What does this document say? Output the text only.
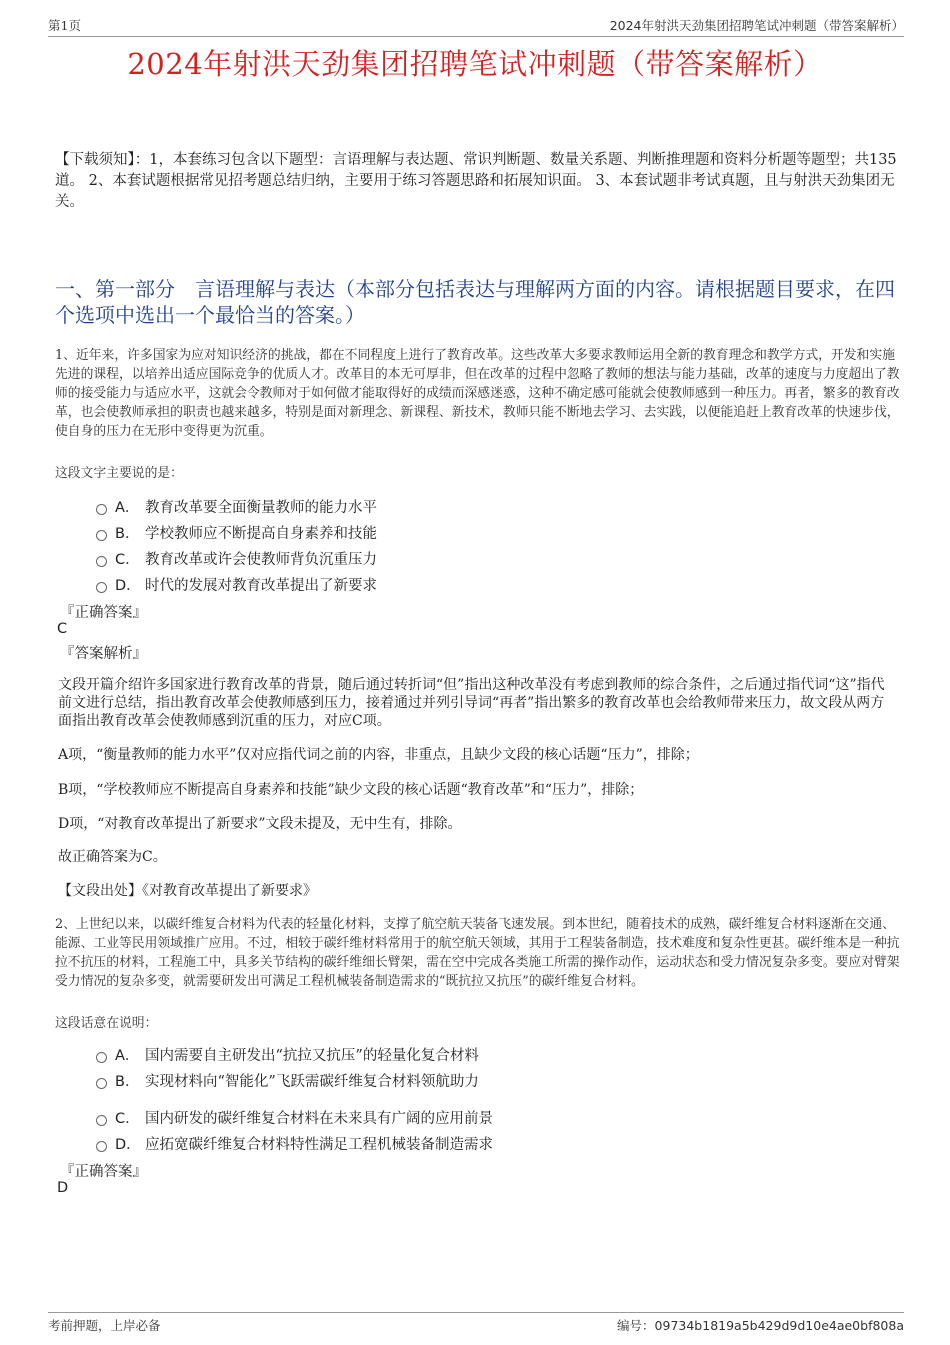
第1页	2024年射洪天劲集团招聘笔试冲刺题（带答案解析）
2024年射洪天劲集团招聘笔试冲刺题（带答案解析）
【下载须知】：1，本套练习包含以下题型：言语理解与表达题、常识判断题、数量关系题、判断推理题和资料分析题等题型；共135道。 2、本套试题根据常见招考题总结归纳，主要用于练习答题思路和拓展知识面。 3、本套试题非考试真题，且与射洪天劲集团无关。
一、第一部分　言语理解与表达（本部分包括表达与理解两方面的内容。请根据题目要求，在四个选项中选出一个最恰当的答案。）
1、近年来，许多国家为应对知识经济的挑战，都在不同程度上进行了教育改革。这些改革大多要求教师运用全新的教育理念和教学方式，开发和实施先进的课程，以培养出适应国际竞争的优质人才。改革目的本无可厚非，但在改革的过程中忽略了教师的想法与能力基础，改革的速度与力度超出了教师的接受能力与适应水平，这就会令教师对于如何做才能取得好的成绩而深感迷惑，这种不确定感可能就会使教师感到一种压力。再者，繁多的教育改革，也会使教师承担的职责也越来越多，特别是面对新理念、新课程、新技术，教师只能不断地去学习、去实践，以便能追赶上教育改革的快速步伐，使自身的压力在无形中变得更为沉重。
这段文字主要说的是：
A． 教育改革要全面衡量教师的能力水平
B． 学校教师应不断提高自身素养和技能
C． 教育改革或许会使教师背负沉重压力
D． 时代的发展对教育改革提出了新要求
『正确答案』
C
『答案解析』
文段开篇介绍许多国家进行教育改革的背景，随后通过转折词“但”指出这种改革没有考虑到教师的综合条件，之后通过指代词“这”指代前文进行总结，指出教育改革会使教师感到压力，接着通过并列引导词“再者”指出繁多的教育改革也会给教师带来压力，故文段从两方面指出教育改革会使教师感到沉重的压力，对应C项。
A项，“衡量教师的能力水平”仅对应指代词之前的内容，非重点，且缺少文段的核心话题“压力”，排除；
B项，“学校教师应不断提高自身素养和技能”缺少文段的核心话题“教育改革”和“压力”，排除；
D项，“对教育改革提出了新要求”文段未提及，无中生有，排除。
故正确答案为C。
【文段出处】《对教育改革提出了新要求》
2、上世纪以来，以碳纤维复合材料为代表的轻量化材料，支撑了航空航天装备飞速发展。到本世纪，随着技术的成熟，碳纤维复合材料逐渐在交通、能源、工业等民用领域推广应用。不过，相较于碳纤维材料常用于的航空航天领域，其用于工程装备制造，技术难度和复杂性更甚。碳纤维本是一种抗拉不抗压的材料，工程施工中，具多关节结构的碳纤维细长臂架，需在空中完成各类施工所需的操作动作，运动状态和受力情况复杂多变。要应对臂架受力情况的复杂多变，就需要研发出可满足工程机械装备制造需求的“既抗拉又抗压”的碳纤维复合材料。
这段话意在说明：
A． 国内需要自主研发出“抗拉又抗压”的轻量化复合材料
B． 实现材料向“智能化”飞跃需碳纤维复合材料领航助力
C． 国内研发的碳纤维复合材料在未来具有广阔的应用前景
D． 应拓宽碳纤维复合材料特性满足工程机械装备制造需求
『正确答案』
D
考前押题，上岸必备	编号：09734b1819a5b429d9d10e4ae0bf808a
